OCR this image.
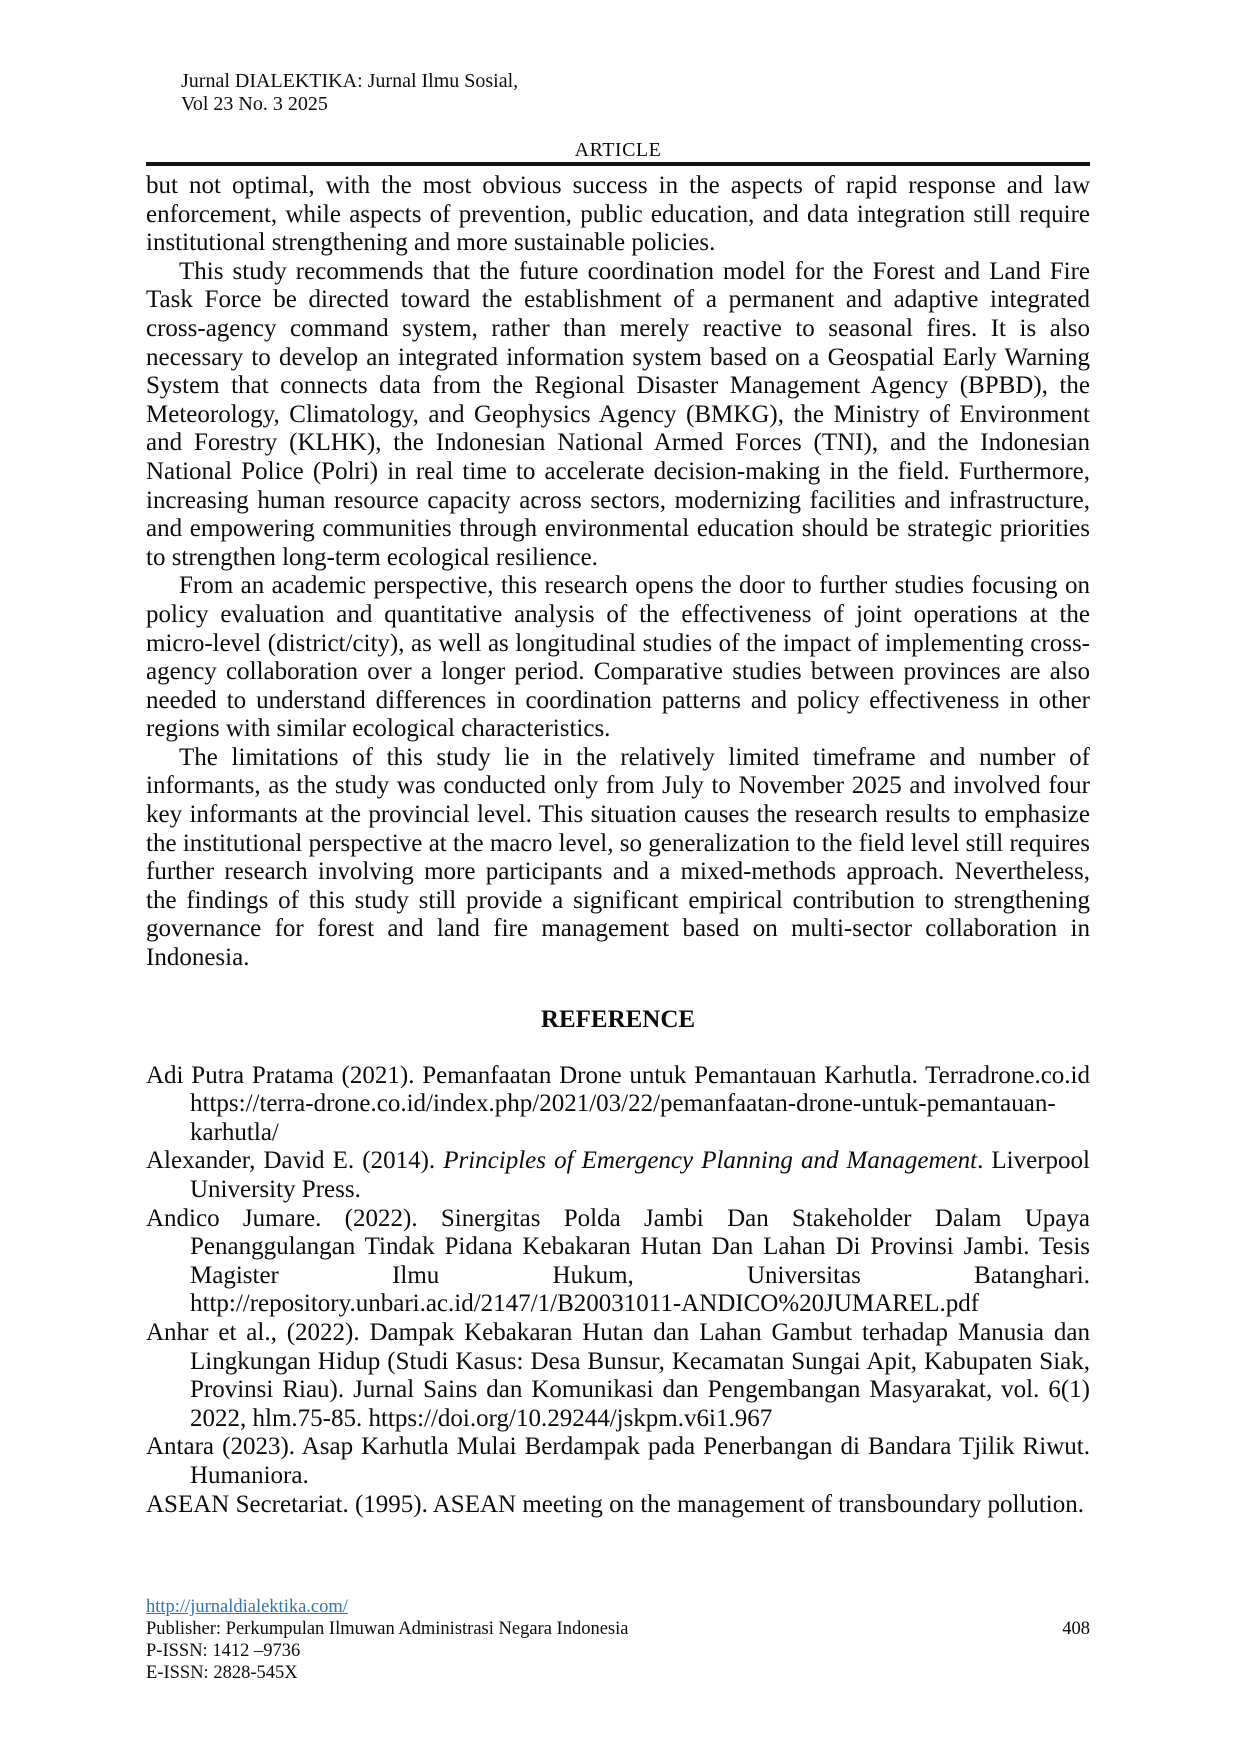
Jurnal DIALEKTIKA: Jurnal Ilmu Sosial,
Vol 23 No. 3 2025
ARTICLE

but not optimal, with the most obvious success in the aspects of rapid response and law enforcement, while aspects of prevention, public education, and data integration still require institutional strengthening and more sustainable policies.

This study recommends that the future coordination model for the Forest and Land Fire Task Force be directed toward the establishment of a permanent and adaptive integrated cross-agency command system, rather than merely reactive to seasonal fires. It is also necessary to develop an integrated information system based on a Geospatial Early Warning System that connects data from the Regional Disaster Management Agency (BPBD), the Meteorology, Climatology, and Geophysics Agency (BMKG), the Ministry of Environment and Forestry (KLHK), the Indonesian National Armed Forces (TNI), and the Indonesian National Police (Polri) in real time to accelerate decision-making in the field. Furthermore, increasing human resource capacity across sectors, modernizing facilities and infrastructure, and empowering communities through environmental education should be strategic priorities to strengthen long-term ecological resilience.

From an academic perspective, this research opens the door to further studies focusing on policy evaluation and quantitative analysis of the effectiveness of joint operations at the micro-level (district/city), as well as longitudinal studies of the impact of implementing cross-agency collaboration over a longer period. Comparative studies between provinces are also needed to understand differences in coordination patterns and policy effectiveness in other regions with similar ecological characteristics.

The limitations of this study lie in the relatively limited timeframe and number of informants, as the study was conducted only from July to November 2025 and involved four key informants at the provincial level. This situation causes the research results to emphasize the institutional perspective at the macro level, so generalization to the field level still requires further research involving more participants and a mixed-methods approach. Nevertheless, the findings of this study still provide a significant empirical contribution to strengthening governance for forest and land fire management based on multi-sector collaboration in Indonesia.

REFERENCE

Adi Putra Pratama (2021). Pemanfaatan Drone untuk Pemantauan Karhutla. Terradrone.co.id https://terra-drone.co.id/index.php/2021/03/22/pemanfaatan-drone-untuk-pemantauan-karhutla/

Alexander, David E. (2014). Principles of Emergency Planning and Management. Liverpool University Press.

Andico Jumare. (2022). Sinergitas Polda Jambi Dan Stakeholder Dalam Upaya Penanggulangan Tindak Pidana Kebakaran Hutan Dan Lahan Di Provinsi Jambi. Tesis Magister Ilmu Hukum, Universitas Batanghari. http://repository.unbari.ac.id/2147/1/B20031011-ANDICO%20JUMAREL.pdf

Anhar et al., (2022). Dampak Kebakaran Hutan dan Lahan Gambut terhadap Manusia dan Lingkungan Hidup (Studi Kasus: Desa Bunsur, Kecamatan Sungai Apit, Kabupaten Siak, Provinsi Riau). Jurnal Sains dan Komunikasi dan Pengembangan Masyarakat, vol. 6(1) 2022, hlm.75-85. https://doi.org/10.29244/jskpm.v6i1.967

Antara (2023). Asap Karhutla Mulai Berdampak pada Penerbangan di Bandara Tjilik Riwut. Humaniora.

ASEAN Secretariat. (1995). ASEAN meeting on the management of transboundary pollution.

http://jurnaldialektika.com/
Publisher: Perkumpulan Ilmuwan Administrasi Negara Indonesia	408
P-ISSN: 1412 –9736
E-ISSN: 2828-545X
